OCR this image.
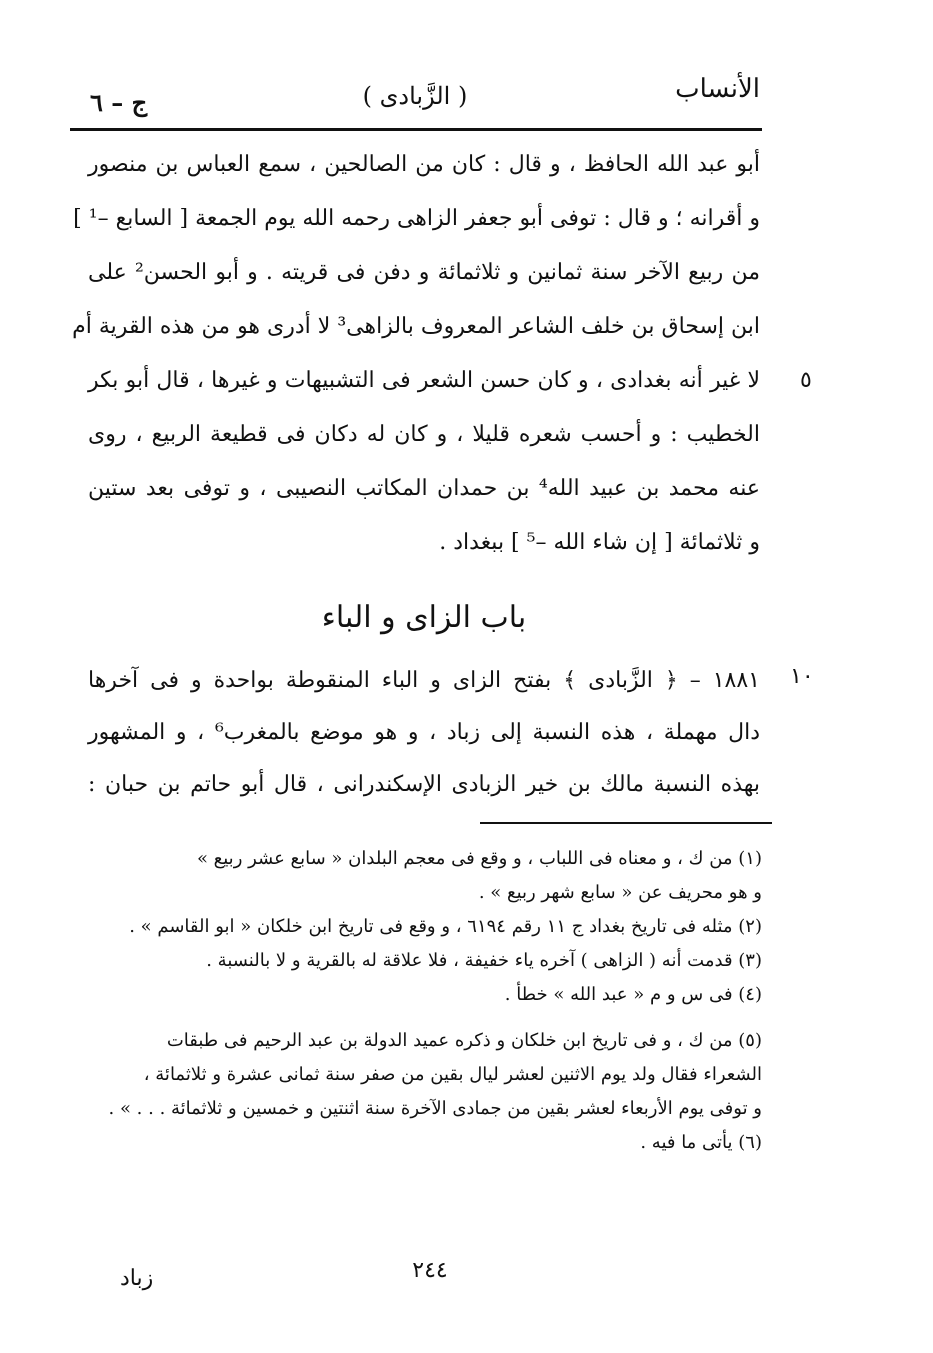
الأنساب
( الزَّبادى )
ج – ٦
أبو عبد الله الحافظ ، و قال : كان من الصالحين ، سمع العباس بن منصور
و أقرانه ؛ و قال : توفى أبو جعفر الزاهى رحمه الله يوم الجمعة [ السابع –¹ ]
من ربيع الآخر سنة ثمانين و ثلاثمائة و دفن فى قريته . و أبو الحسن² على
ابن إسحاق بن خلف الشاعر المعروف بالزاهى³ لا أدرى هو من هذه القرية أم
لا غير أنه بغدادى ، و كان حسن الشعر فى التشبيهات و غيرها ، قال أبو بكر
الخطيب : و أحسب شعره قليلا ، و كان له دكان فى قطيعة الربيع ، روى
عنه محمد بن عبيد الله⁴ بن حمدان المكاتب النصيبى ، و توفى بعد ستين
و ثلاثمائة [ إن شاء الله –⁵ ] ببغداد .
٥
باب الزاى و الباء
١٠
١٨٨١ – ﴿ الزَّبادى ﴾ بفتح الزاى و الباء المنقوطة بواحدة و فى آخرها
دال مهملة ، هذه النسبة إلى زباد ، و هو موضع بالمغرب⁶ ، و المشهور
بهذه النسبة مالك بن خير الزبادى الإسكندرانى ، قال أبو حاتم بن حبان :
(١) من ك ، و معناه فى اللباب ، و وقع فى معجم البلدان « سابع عشر ربيع »
و هو محريف عن « سابع شهر ربيع » .
(٢) مثله فى تاريخ بغداد ج ١١ رقم ٦١٩٤ ، و وقع فى تاريخ ابن خلكان « ابو القاسم » .
(٣) قدمت أنه ( الزاهى ) آخره ياء خفيفة ، فلا علاقة له بالقرية و لا بالنسبة .
(٤) فى س و م « عبد الله » خطأ .
(٥) من ك ، و فى تاريخ ابن خلكان و ذكره عميد الدولة بن عبد الرحيم فى طبقات
الشعراء فقال ولد يوم الاثنين لعشر ليال بقين من صفر سنة ثمانى عشرة و ثلاثمائة ،
و توفى يوم الأربعاء لعشر بقين من جمادى الآخرة سنة اثنتين و خمسين و ثلاثمائة . . . » .
(٦) يأتى ما فيه .
٢٤٤
زباد
